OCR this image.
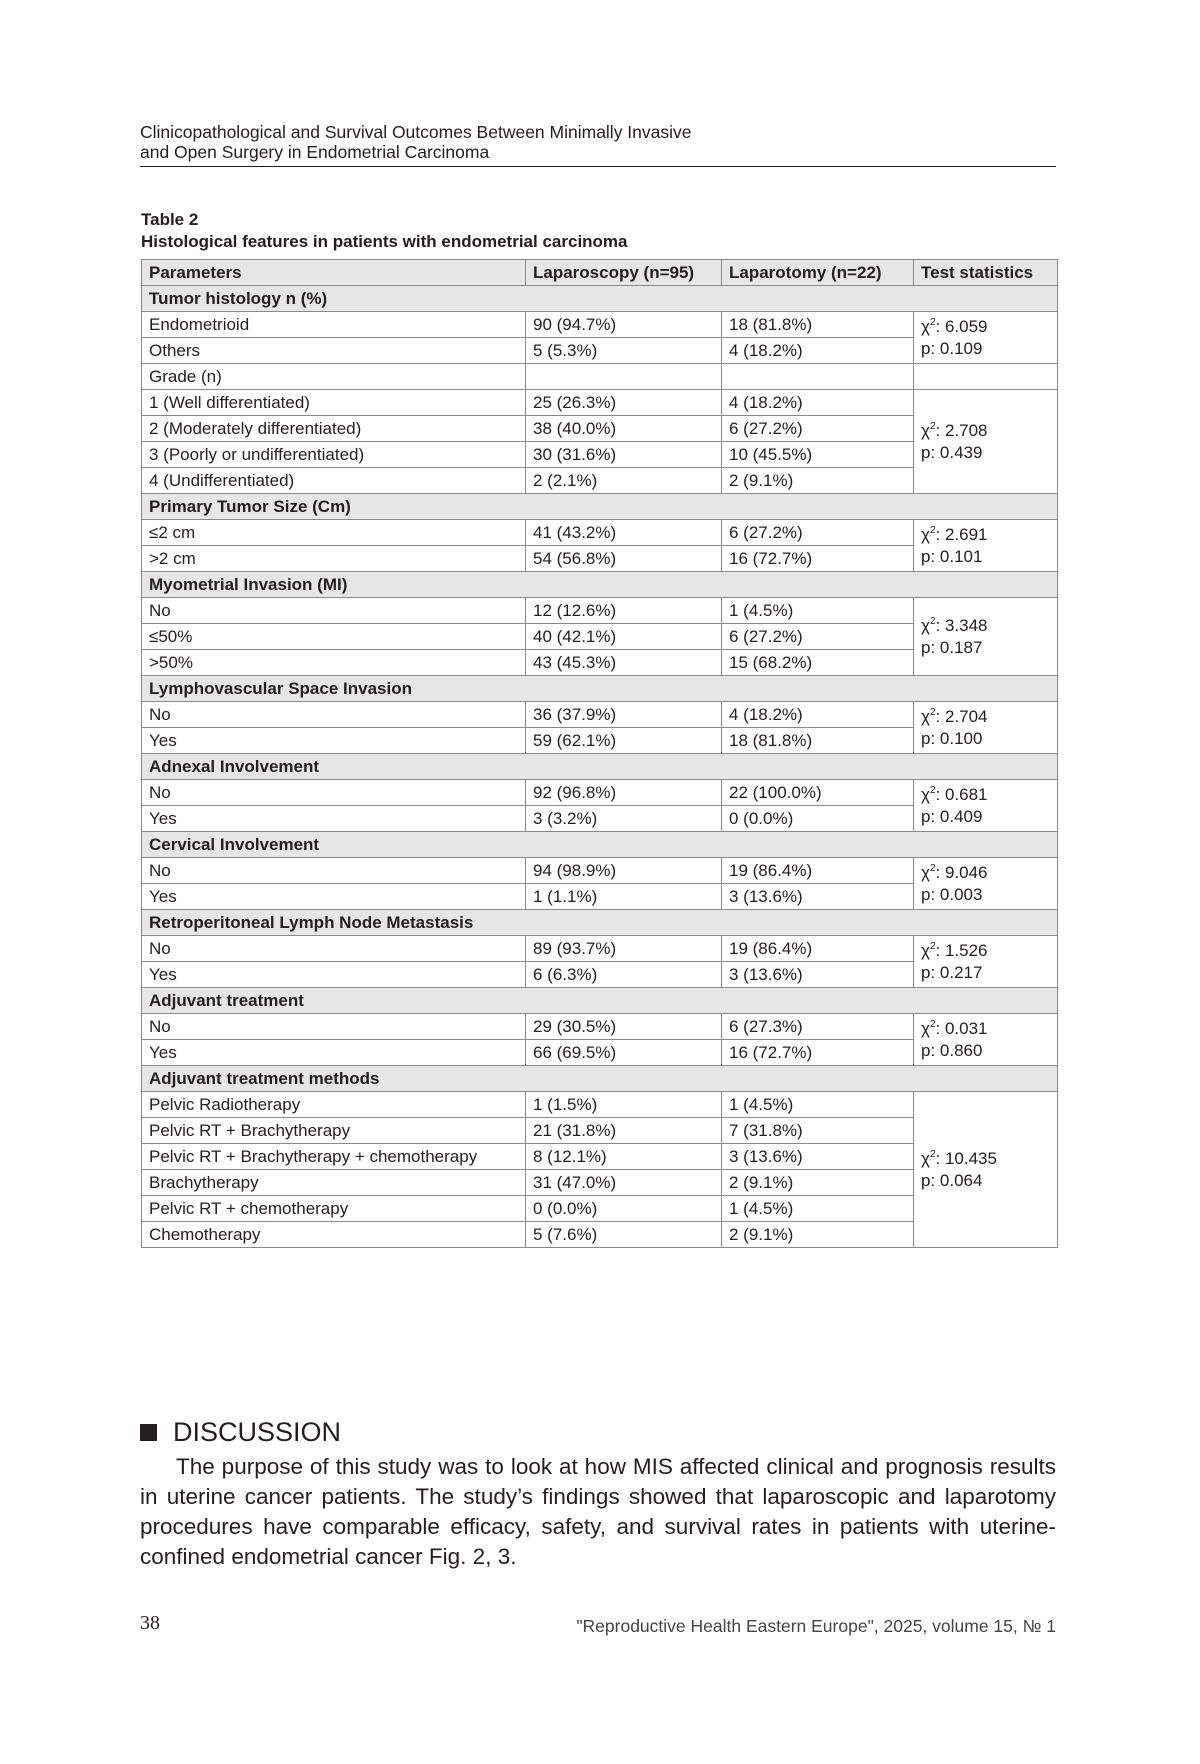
Clinicopathological and Survival Outcomes Between Minimally Invasive
and Open Surgery in Endometrial Carcinoma
Table 2
Histological features in patients with endometrial carcinoma
Parameters	Laparoscopy (n=95)	Laparotomy (n=22)	Test statistics
Tumor histology n (%)			
Endometrioid	90 (94.7%)	18 (81.8%)	$\chi^2$: 6.059
p: 0.109

Others	5 (5.3%)	4 (18.2%)	
Grade (n)			
1 (Well differentiated)	25 (26.3%)	4 (18.2%)	$\chi^2$: 2.708
p: 0.439

2 (Moderately differentiated)	38 (40.0%)	6 (27.2%)	
3 (Poorly or undifferentiated)	30 (31.6%)	10 (45.5%)	
4 (Undifferentiated)	2 (2.1%)	2 (9.1%)	
Primary Tumor Size (Cm)			
≤2 cm	41 (43.2%)	6 (27.2%)	$\chi^2$: 2.691
p: 0.101

>2 cm	54 (56.8%)	16 (72.7%)	
Myometrial Invasion (MI)			
No	12 (12.6%)	1 (4.5%)	$\chi^2$: 3.348
p: 0.187

≤50%	40 (42.1%)	6 (27.2%)	
>50%	43 (45.3%)	15 (68.2%)	
Lymphovascular Space Invasion			
No	36 (37.9%)	4 (18.2%)	$\chi^2$: 2.704
p: 0.100

Yes	59 (62.1%)	18 (81.8%)	
Adnexal Involvement			
No	92 (96.8%)	22 (100.0%)	$\chi^2$: 0.681
p: 0.409

Yes	3 (3.2%)	0 (0.0%)	
Cervical Involvement			
No	94 (98.9%)	19 (86.4%)	$\chi^2$: 9.046
p: 0.003

Yes	1 (1.1%)	3 (13.6%)	
Retroperitoneal Lymph Node Metastasis			
No	89 (93.7%)	19 (86.4%)	$\chi^2$: 1.526
p: 0.217

Yes	6 (6.3%)	3 (13.6%)	
Adjuvant treatment			
No	29 (30.5%)	6 (27.3%)	$\chi^2$: 0.031
p: 0.860

Yes	66 (69.5%)	16 (72.7%)	
Adjuvant treatment methods			
Pelvic Radiotherapy	1 (1.5%)	1 (4.5%)	$\chi^2$: 10.435
p: 0.064

Pelvic RT + Brachytherapy	21 (31.8%)	7 (31.8%)	
Pelvic RT + Brachytherapy + chemotherapy	8 (12.1%)	3 (13.6%)	
Brachytherapy	31 (47.0%)	2 (9.1%)	
Pelvic RT + chemotherapy	0 (0.0%)	1 (4.5%)	
Chemotherapy	5 (7.6%)	2 (9.1%)	
DISCUSSION

The purpose of this study was to look at how MIS affected clinical and prognosis results in uterine cancer patients. The study’s findings showed that laparoscopic and laparotomy procedures have comparable efficacy, safety, and survival rates in patients with uterine-confined endometrial cancer Fig. 2, 3.

38	"Reproductive Health Eastern Europe", 2025, volume 15, № 1
